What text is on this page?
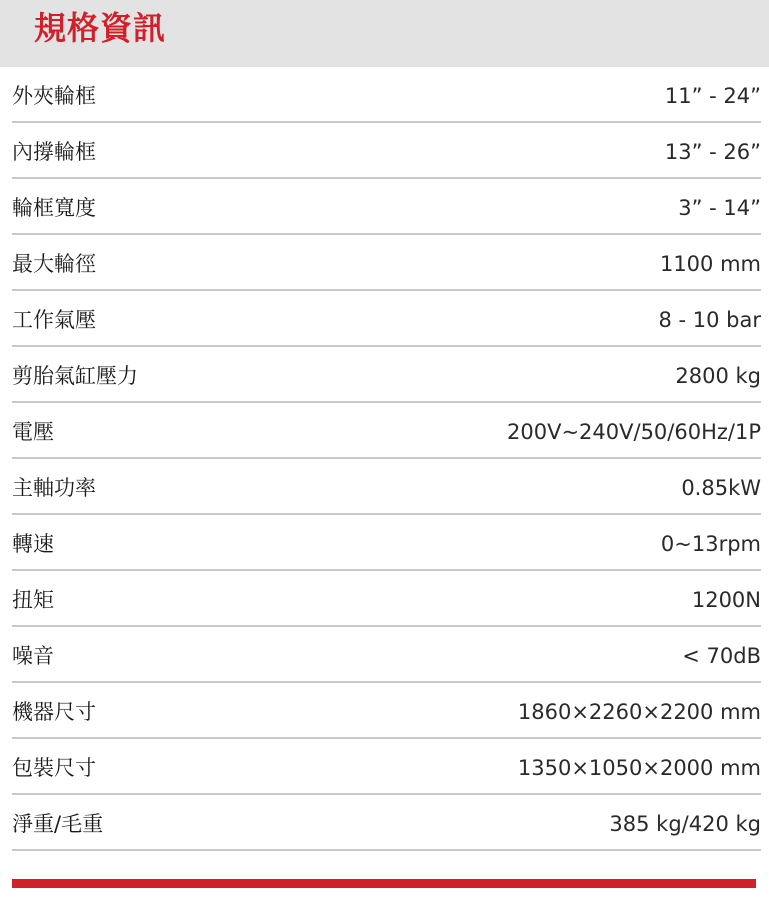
規格資訊
外夾輪框	11” - 24”
內撐輪框	13” - 26”
輪框寬度	3” - 14”
最大輪徑	1100 mm
工作氣壓	8 - 10 bar
剪胎氣缸壓力	2800 kg
電壓	200V~240V/50/60Hz/1P
主軸功率	0.85kW
轉速	0~13rpm
扭矩	1200N
噪音	< 70dB
機器尺寸	1860×2260×2200 mm
包裝尺寸	1350×1050×2000 mm
淨重/毛重	385 kg/420 kg
